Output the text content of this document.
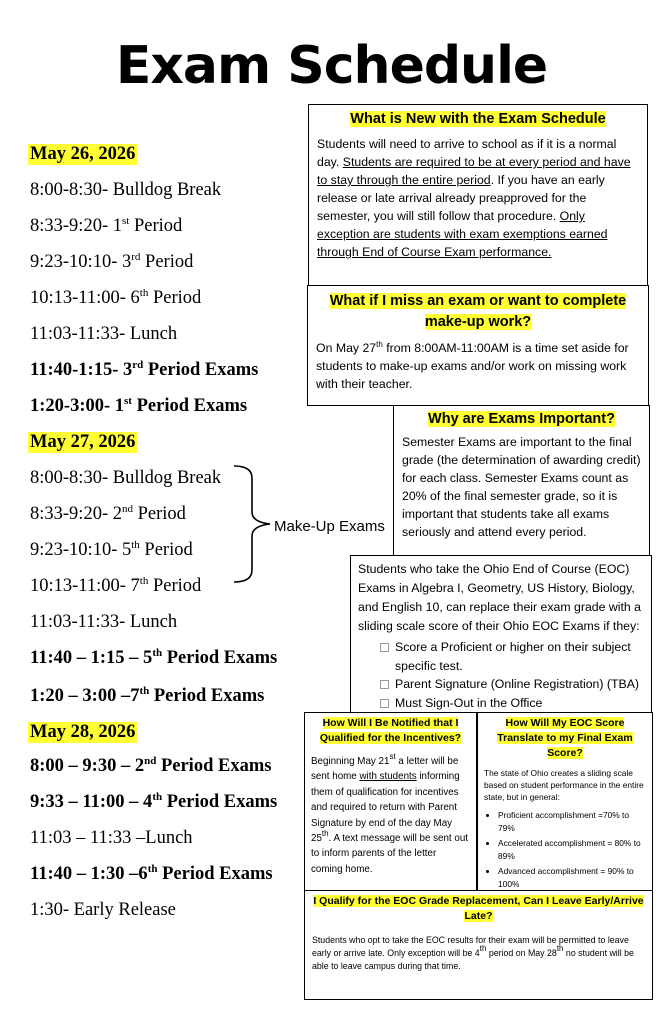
Exam Schedule
May 26, 2026
8:00-8:30- Bulldog Break
8:33-9:20- 1st Period
9:23-10:10- 3rd Period
10:13-11:00- 6th Period
11:03-11:33- Lunch
11:40-1:15- 3rd Period Exams
1:20-3:00- 1st Period Exams
May 27, 2026
8:00-8:30- Bulldog Break
8:33-9:20- 2nd Period
9:23-10:10- 5th Period
10:13-11:00- 7th Period
11:03-11:33- Lunch
11:40 – 1:15 – 5th Period Exams
1:20 – 3:00 –7th Period Exams
Make-Up Exams
May 28, 2026
8:00 – 9:30 – 2nd Period Exams
9:33 – 11:00 – 4th Period Exams
11:03 – 11:33 –Lunch
11:40 – 1:30 –6th Period Exams
1:30- Early Release
What is New with the Exam Schedule

Students will need to arrive to school as if it is a normal day. Students are required to be at every period and have to stay through the entire period. If you have an early release or late arrival already preapproved for the semester, you will still follow that procedure. Only exception are students with exam exemptions earned through End of Course Exam performance.

What if I miss an exam or want to complete make-up work?

On May 27th from 8:00AM-11:00AM is a time set aside for students to make-up exams and/or work on missing work with their teacher.

Why are Exams Important?

Semester Exams are important to the final grade (the determination of awarding credit) for each class. Semester Exams count as 20% of the final semester grade, so it is important that students take all exams seriously and attend every period.

Students who take the Ohio End of Course (EOC) Exams in Algebra I, Geometry, US History, Biology, and English 10, can replace their exam grade with a sliding scale score of their Ohio EOC Exams if they:

Score a Proficient or higher on their subject specific test.
Parent Signature (Online Registration) (TBA)
Must Sign-Out in the Office
How Will I Be Notified that I Qualified for the Incentives?

Beginning May 21st a letter will be sent home with students informing them of qualification for incentives and required to return with Parent Signature by end of the day May 25th. A text message will be sent out to inform parents of the letter coming home.

How Will My EOC Score Translate to my Final Exam Score?

The state of Ohio creates a sliding scale based on student performance in the entire state, but in general:

• Proficient accomplishment =70% to 79%
• Accelerated accomplishment = 80% to 89%
• Advanced accomplishment = 90% to 100%
I Qualify for the EOC Grade Replacement, Can I Leave Early/Arrive Late?

Students who opt to take the EOC results for their exam will be permitted to leave early or arrive late. Only exception will be 4th period on May 28th no student will be able to leave campus during that time.
